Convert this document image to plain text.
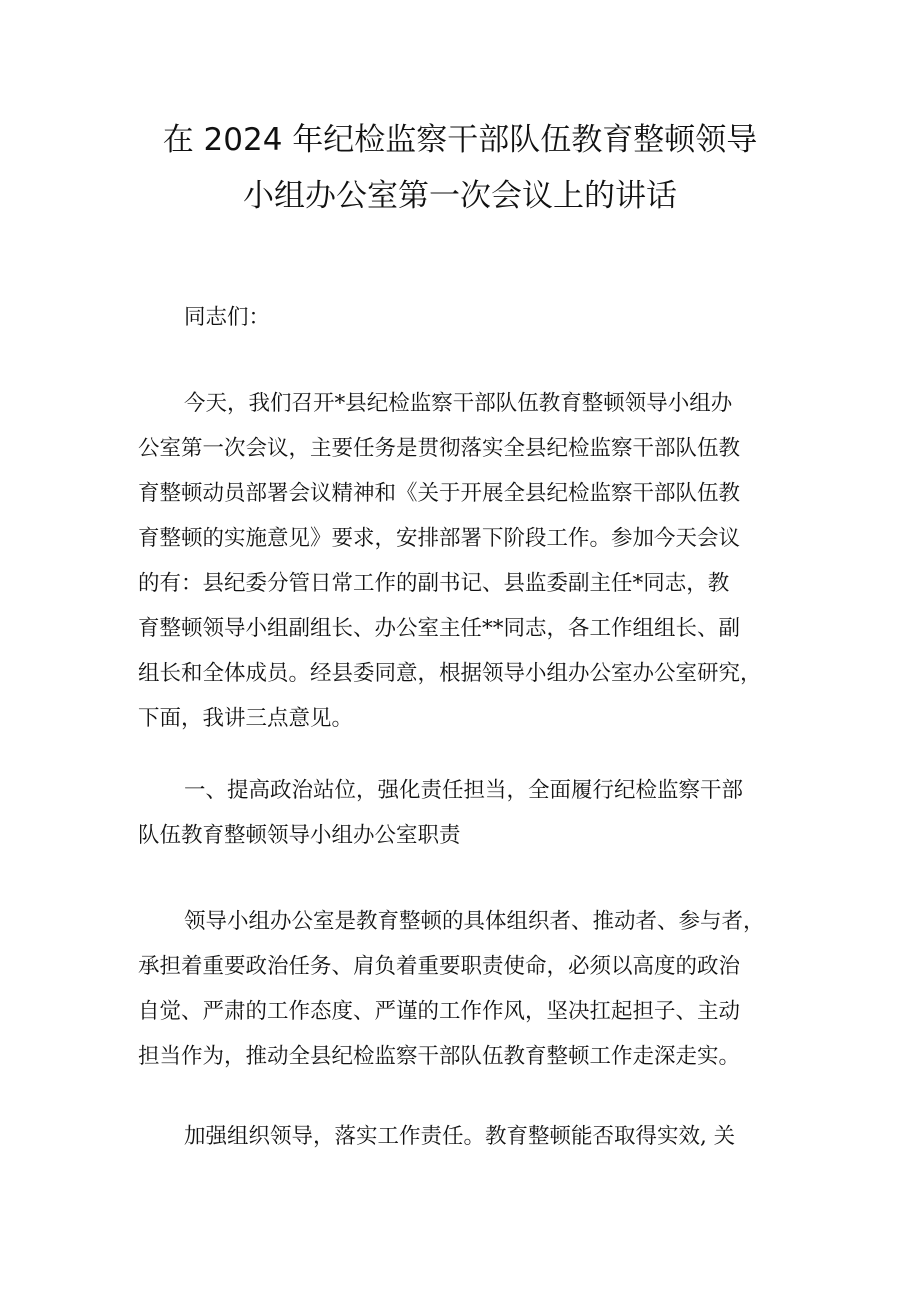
在 2024 年纪检监察干部队伍教育整顿领导
小组办公室第一次会议上的讲话
同志们：
今天，我们召开*县纪检监察干部队伍教育整顿领导小组办
公室第一次会议，主要任务是贯彻落实全县纪检监察干部队伍教
育整顿动员部署会议精神和《关于开展全县纪检监察干部队伍教
育整顿的实施意见》要求，安排部署下阶段工作。参加今天会议
的有：县纪委分管日常工作的副书记、县监委副主任*同志，教
育整顿领导小组副组长、办公室主任**同志，各工作组组长、副
组长和全体成员。经县委同意，根据领导小组办公室办公室研究，
下面，我讲三点意见。
一、提高政治站位，强化责任担当，全面履行纪检监察干部
队伍教育整顿领导小组办公室职责
领导小组办公室是教育整顿的具体组织者、推动者、参与者，
承担着重要政治任务、肩负着重要职责使命，必须以高度的政治
自觉、严肃的工作态度、严谨的工作作风，坚决扛起担子、主动
担当作为，推动全县纪检监察干部队伍教育整顿工作走深走实。
加强组织领导，落实工作责任。教育整顿能否取得实效, 关
